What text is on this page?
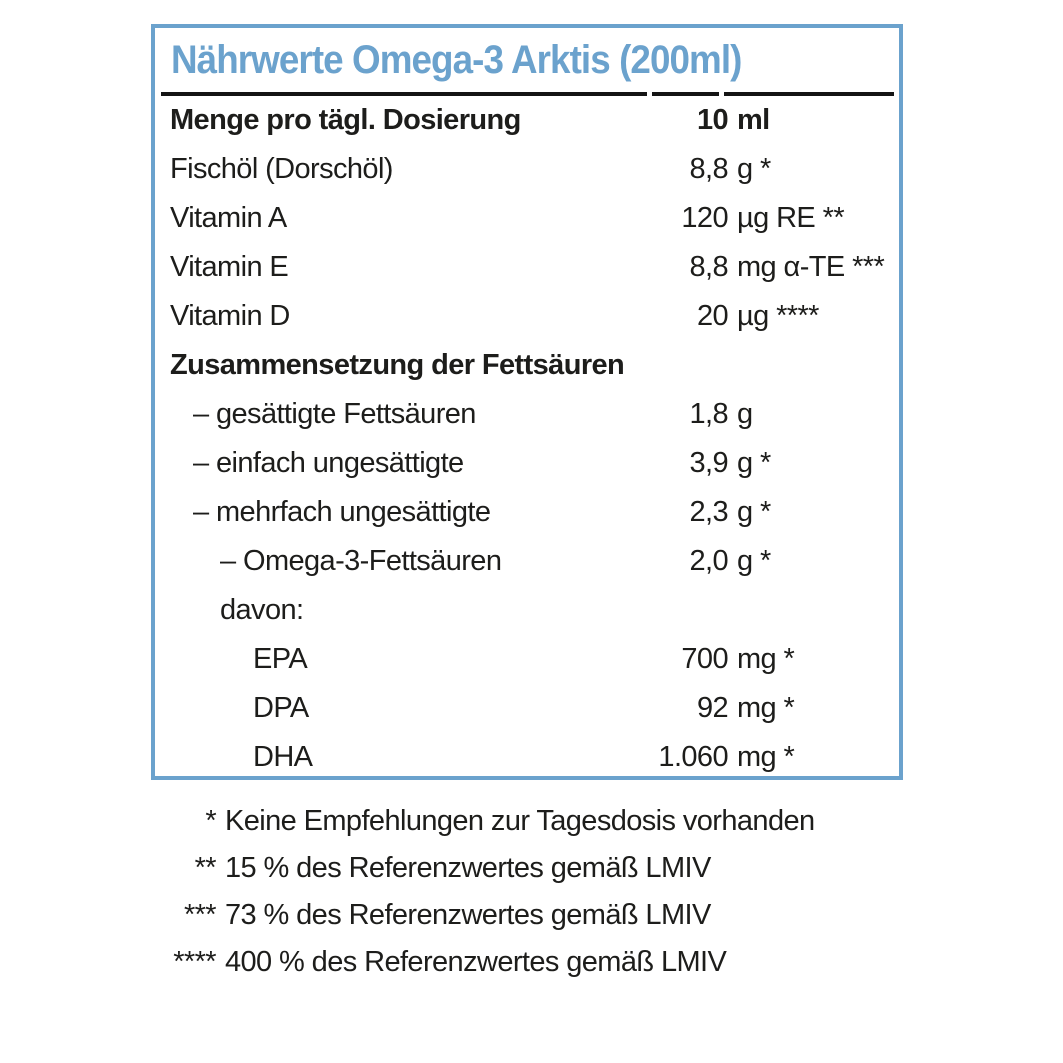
Nährwerte Omega-3 Arktis (200ml)
Menge pro tägl. Dosierung	10 ml
Fischöl (Dorschöl)	8,8 g *
Vitamin A	120 µg RE **
Vitamin E	8,8 mg α-TE ***
Vitamin D	20 µg ****
Zusammensetzung der Fettsäuren
– gesättigte Fettsäuren	1,8 g
– einfach ungesättigte	3,9 g *
– mehrfach ungesättigte	2,3 g *
– Omega-3-Fettsäuren	2,0 g *
davon:
EPA	700 mg *
DPA	92 mg *
DHA	1.060 mg *
* Keine Empfehlungen zur Tagesdosis vorhanden
** 15 % des Referenzwertes gemäß LMIV
*** 73 % des Referenzwertes gemäß LMIV
**** 400 % des Referenzwertes gemäß LMIV
